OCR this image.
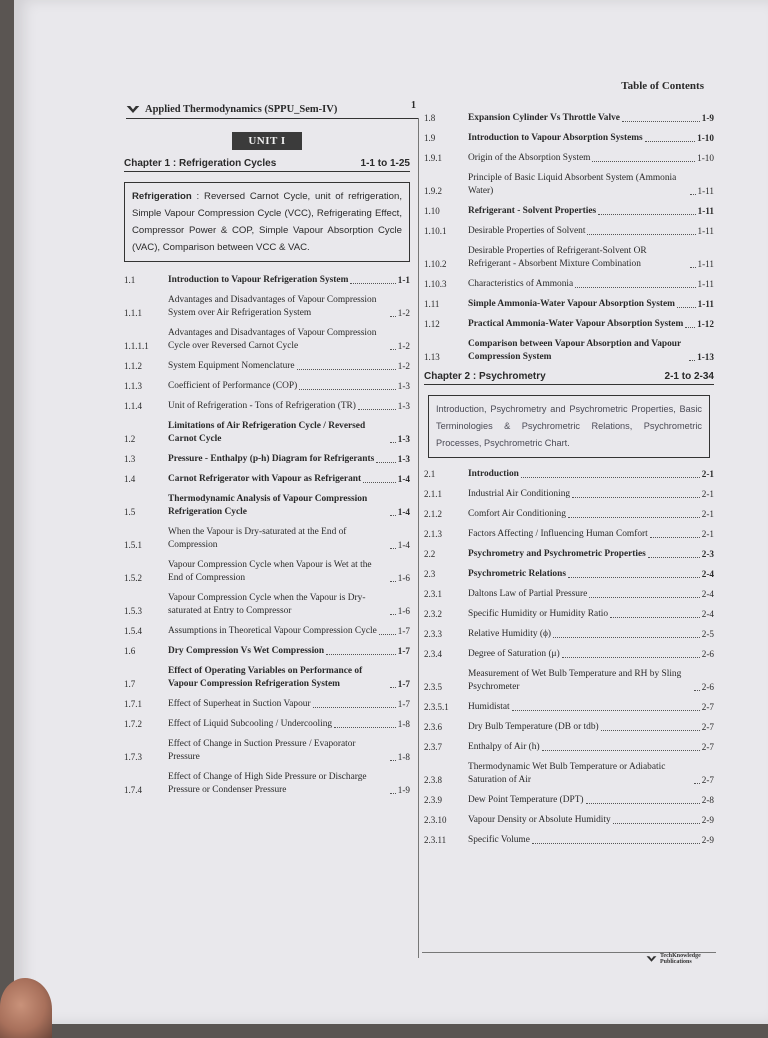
Table of Contents
Applied Thermodynamics (SPPU_Sem-IV)	1
UNIT I
Chapter 1 : Refrigeration Cycles	1-1 to 1-25
Refrigeration : Reversed Carnot Cycle, unit of refrigeration, Simple Vapour Compression Cycle (VCC), Refrigerating Effect, Compressor Power & COP, Simple Vapour Absorption Cycle (VAC), Comparison between VCC & VAC.
1.1	Introduction to Vapour Refrigeration System	1-1
1.1.1
Advantages and Disadvantages of Vapour Compression System over Air Refrigeration System	1-2
1.1.1.1
Advantages and Disadvantages of Vapour Compression Cycle over Reversed Carnot Cycle	1-2
1.1.2	System Equipment Nomenclature	1-2
1.1.3	Coefficient of Performance (COP)	1-3
1.1.4	Unit of Refrigeration - Tons of Refrigeration (TR)	1-3
1.2
Limitations of Air Refrigeration Cycle / Reversed Carnot Cycle	1-3
1.3	Pressure - Enthalpy (p-h) Diagram for Refrigerants	1-3
1.4	Carnot Refrigerator with Vapour as Refrigerant	1-4
1.5
Thermodynamic Analysis of Vapour Compression Refrigeration Cycle	1-4
1.5.1
When the Vapour is Dry-saturated at the End of Compression	1-4
1.5.2
Vapour Compression Cycle when Vapour is Wet at the End of Compression	1-6
1.5.3
Vapour Compression Cycle when the Vapour is Dry-saturated at Entry to Compressor	1-6
1.5.4	Assumptions in Theoretical Vapour Compression Cycle 1-7
1.6	Dry Compression Vs Wet Compression	1-7
1.7
Effect of Operating Variables on Performance of Vapour Compression Refrigeration System	1-7
1.7.1	Effect of Superheat in Suction Vapour	1-7
1.7.2	Effect of Liquid Subcooling / Undercooling	1-8
1.7.3
Effect of Change in Suction Pressure / Evaporator Pressure	1-8
1.7.4
Effect of Change of High Side Pressure or Discharge Pressure or Condenser Pressure	1-9
1.8	Expansion Cylinder Vs Throttle Valve	1-9
1.9	Introduction to Vapour Absorption Systems	1-10
1.9.1	Origin of the Absorption System	1-10
1.9.2
Principle of Basic Liquid Absorbent System (Ammonia Water)	1-11
1.10	Refrigerant - Solvent Properties	1-11
1.10.1	Desirable Properties of Solvent	1-11
1.10.2
Desirable Properties of Refrigerant-Solvent OR Refrigerant - Absorbent Mixture Combination	1-11
1.10.3	Characteristics of Ammonia	1-11
1.11	Simple Ammonia-Water Vapour Absorption System 1-11
1.12	Practical Ammonia-Water Vapour Absorption System 1-12
1.13
Comparison between Vapour Absorption and Vapour Compression System	1-13
Chapter 2 : Psychrometry	2-1 to 2-34
Introduction, Psychrometry and Psychrometric Properties, Basic Terminologies & Psychrometric Relations, Psychrometric Processes, Psychrometric Chart.
2.1	Introduction	2-1
2.1.1	Industrial Air Conditioning	2-1
2.1.2	Comfort Air Conditioning	2-1
2.1.3	Factors Affecting / Influencing Human Comfort	2-1
2.2	Psychrometry and Psychrometric Properties	2-3
2.3	Psychrometric Relations	2-4
2.3.1	Daltons Law of Partial Pressure	2-4
2.3.2	Specific Humidity or Humidity Ratio	2-4
2.3.3	Relative Humidity (ϕ)	2-5
2.3.4	Degree of Saturation (μ)	2-6
2.3.5
Measurement of Wet Bulb Temperature and RH by Sling Psychrometer	2-6
2.3.5.1	Humidistat	2-7
2.3.6	Dry Bulb Temperature (DB or tdb)	2-7
2.3.7	Enthalpy of Air (h)	2-7
2.3.8
Thermodynamic Wet Bulb Temperature or Adiabatic Saturation of Air	2-7
2.3.9	Dew Point Temperature (DPT)	2-8
2.3.10	Vapour Density or Absolute Humidity	2-9
2.3.11	Specific Volume	2-9
TechKnowledge Publications
